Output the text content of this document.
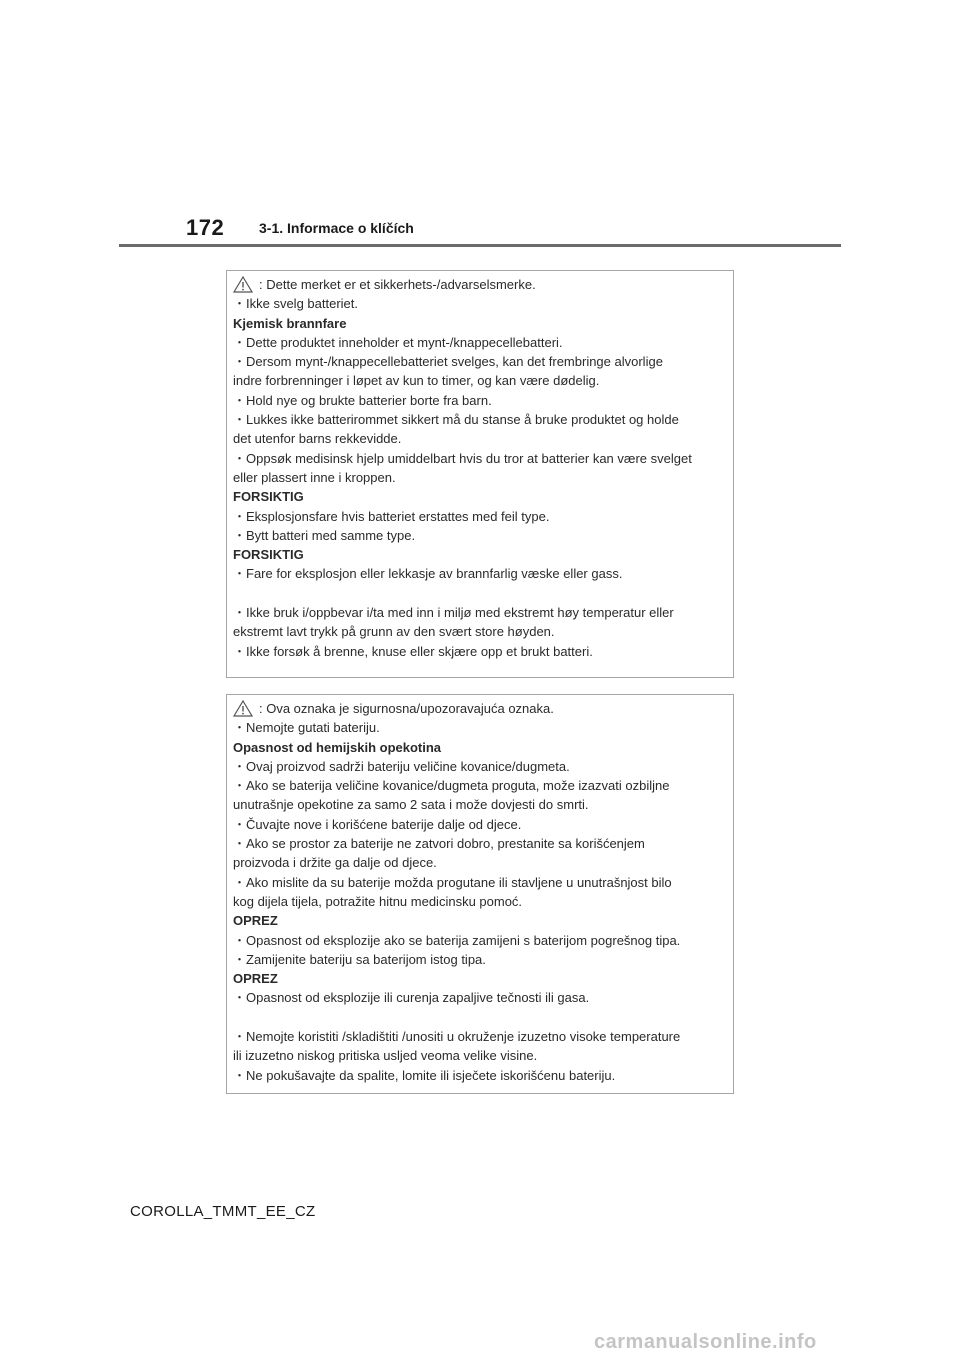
172 3-1. Informace o klíčích
: Dette merket er et sikkerhets-/advarselsmerke.
・Ikke svelg batteriet.
Kjemisk brannfare
・Dette produktet inneholder et mynt-/knappecellebatteri.
・Dersom mynt-/knappecellebatteriet svelges, kan det frembringe alvorlige
indre forbrenninger i løpet av kun to timer, og kan være dødelig.
・Hold nye og brukte batterier borte fra barn.
・Lukkes ikke batterirommet sikkert må du stanse å bruke produktet og holde
det utenfor barns rekkevidde.
・Oppsøk medisinsk hjelp umiddelbart hvis du tror at batterier kan være svelget
eller plassert inne i kroppen.
FORSIKTIG
・Eksplosjonsfare hvis batteriet erstattes med feil type.
・Bytt batteri med samme type.
FORSIKTIG
・Fare for eksplosjon eller lekkasje av brannfarlig væske eller gass.
・Ikke bruk i/oppbevar i/ta med inn i miljø med ekstremt høy temperatur eller
ekstremt lavt trykk på grunn av den svært store høyden.
・Ikke forsøk å brenne, knuse eller skjære opp et brukt batteri.
: Ova oznaka je sigurnosna/upozoravajuća oznaka.
・Nemojte gutati bateriju.
Opasnost od hemijskih opekotina
・Ovaj proizvod sadrži bateriju veličine kovanice/dugmeta.
・Ako se baterija veličine kovanice/dugmeta proguta, može izazvati ozbiljne
unutrašnje opekotine za samo 2 sata i može dovjesti do smrti.
・Čuvajte nove i korišćene baterije dalje od djece.
・Ako se prostor za baterije ne zatvori dobro, prestanite sa korišćenjem
proizvoda i držite ga dalje od djece.
・Ako mislite da su baterije možda progutane ili stavljene u unutrašnjost bilo
kog dijela tijela, potražite hitnu medicinsku pomoć.
OPREZ
・Opasnost od eksplozije ako se baterija zamijeni s baterijom pogrešnog tipa.
・Zamijenite bateriju sa baterijom istog tipa.
OPREZ
・Opasnost od eksplozije ili curenja zapaljive tečnosti ili gasa.
・Nemojte koristiti /skladištiti /unositi u okruženje izuzetno visoke temperature
ili izuzetno niskog pritiska usljed veoma velike visine.
・Ne pokušavajte da spalite, lomite ili isječete iskorišćenu bateriju.
COROLLA_TMMT_EE_CZ
carmanualsonline.info
